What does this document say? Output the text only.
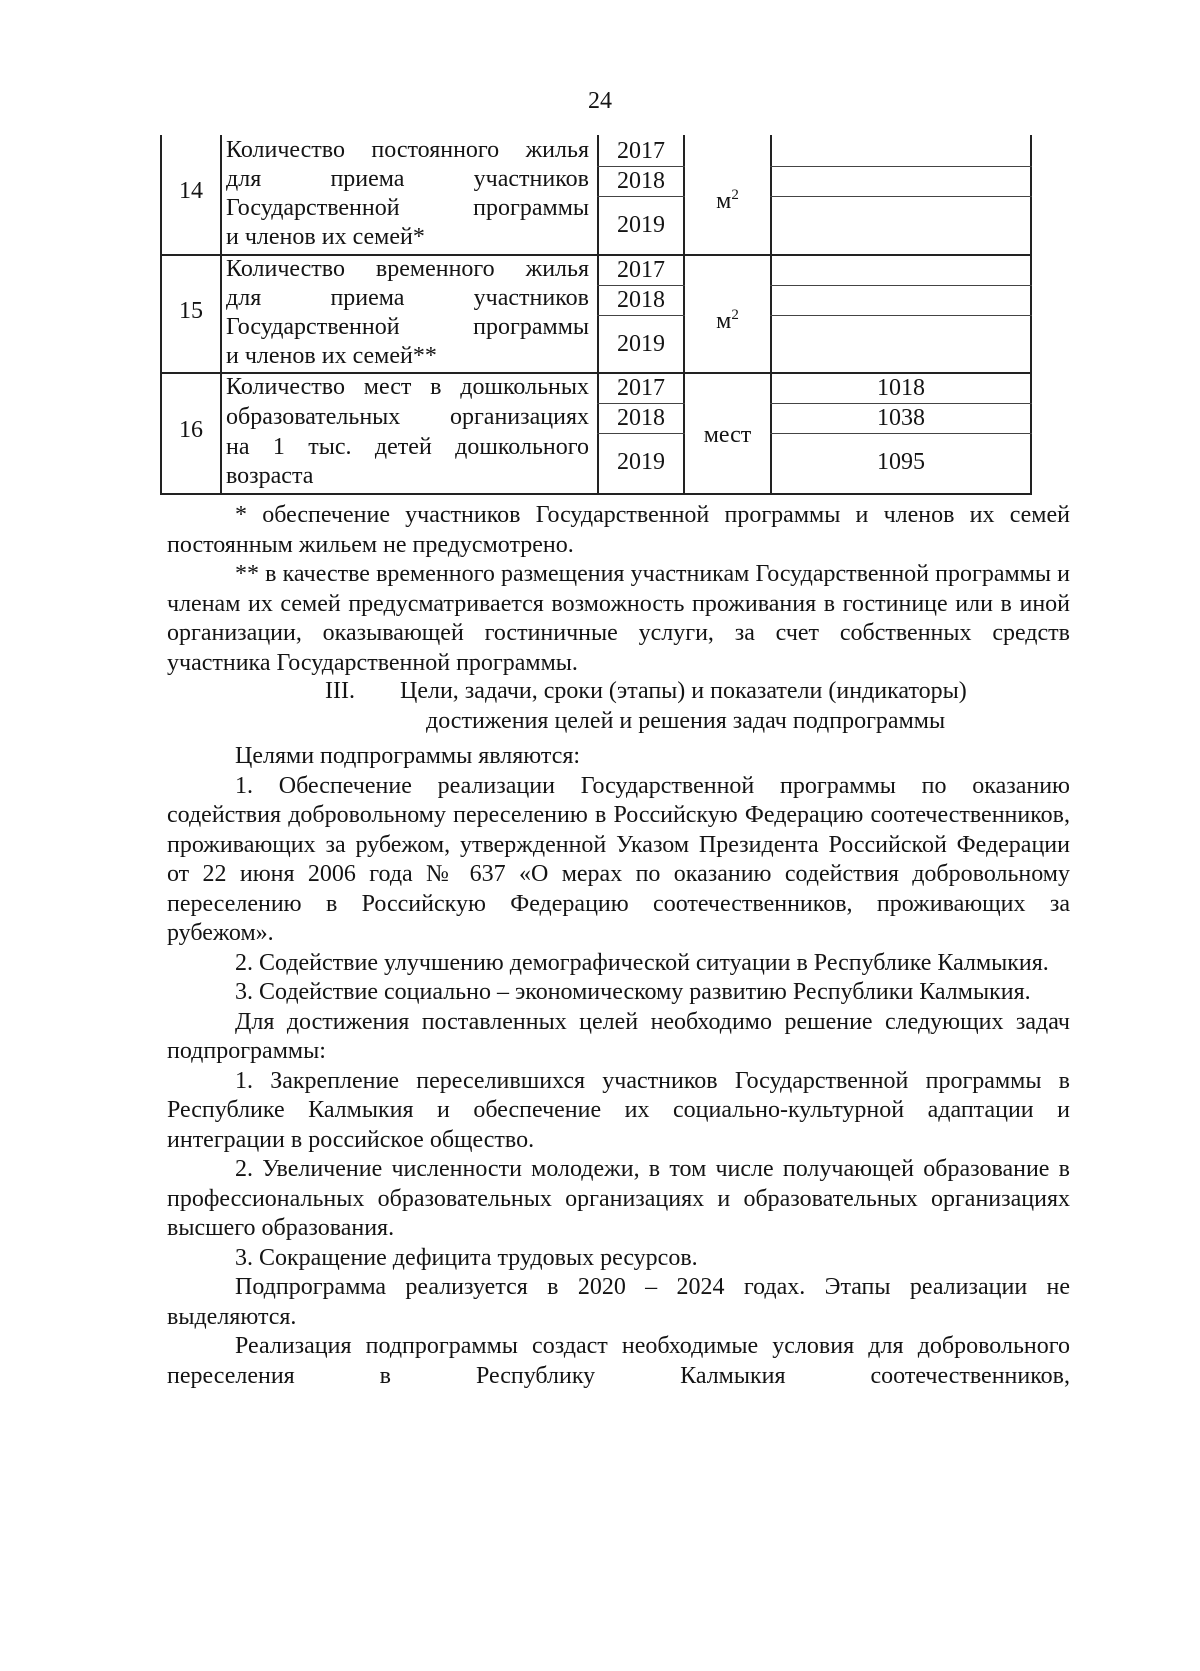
24
14
Количество постоянного жилья
для приема участников
Государственной программы
и членов их семей*
2017
2018
2019
$м^2$
15
Количество временного жилья
для приема участников
Государственной программы
и членов их семей**
2017
2018
2019
$м^2$
16
Количество мест в дошкольных
образовательных организациях
на 1 тыс. детей дошкольного
возраста
2017
2018
2019
мест
1018
1038
1095

* обеспечение участников Государственной программы и членов их семей постоянным жильем не предусмотрено.

** в качестве временного размещения участникам Государственной программы и членам их семей предусматривается возможность проживания в гостинице или в иной организации, оказывающей гостиничные услуги, за счет собственных средств участника Государственной программы.

III. Цели, задачи, сроки (этапы) и показатели (индикаторы)
достижения целей и решения задач подпрограммы

Целями подпрограммы являются:

1. Обеспечение реализации Государственной программы по оказанию содействия добровольному переселению в Российскую Федерацию соотечественников, проживающих за рубежом, утвержденной Указом Президента Российской Федерации от 22 июня 2006 года № 637 «О мерах по оказанию содействия добровольному переселению в Российскую Федерацию соотечественников, проживающих за рубежом».

2. Содействие улучшению демографической ситуации в Республике Калмыкия.

3. Содействие социально – экономическому развитию Республики Калмыкия.

Для достижения поставленных целей необходимо решение следующих задач подпрограммы:

1. Закрепление переселившихся участников Государственной программы в Республике Калмыкия и обеспечение их социально-культурной адаптации и интеграции в российское общество.

2. Увеличение численности молодежи, в том числе получающей образование в профессиональных образовательных организациях и образовательных организациях высшего образования.

3. Сокращение дефицита трудовых ресурсов.

Подпрограмма реализуется в 2020 – 2024 годах. Этапы реализации не выделяются.

Реализация подпрограммы создаст необходимые условия для добровольного переселения в Республику Калмыкия соотечественников,
